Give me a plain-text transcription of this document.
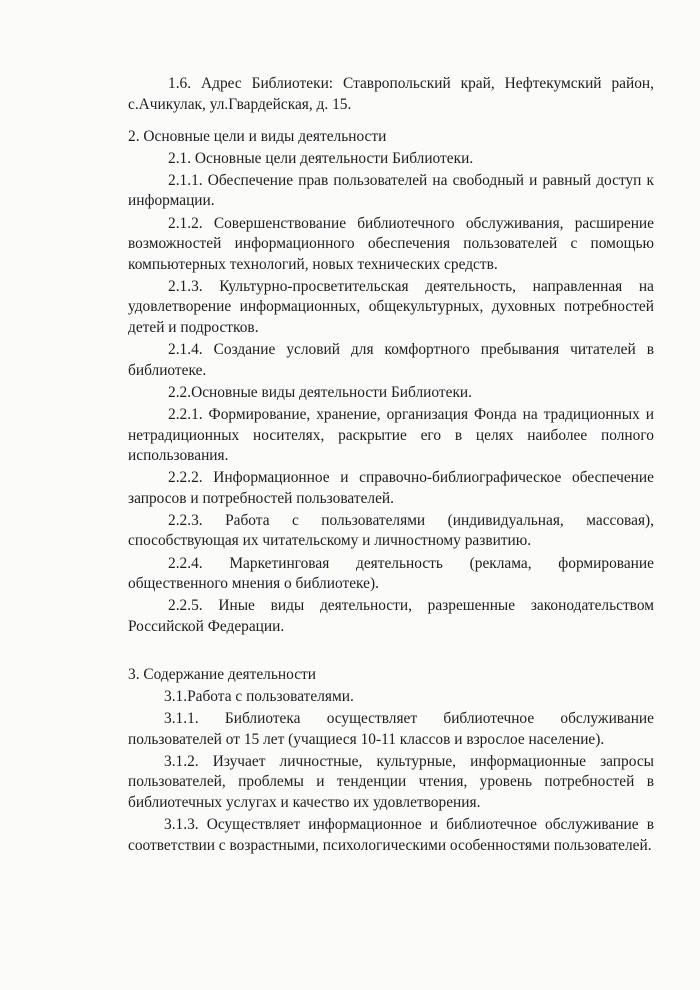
1.6. Адрес Библиотеки: Ставропольский край, Нефтекумский район, с.Ачикулак, ул.Гвардейская, д. 15.

2. Основные цели и виды деятельности

2.1. Основные цели деятельности Библиотеки.

2.1.1. Обеспечение прав пользователей на свободный и равный доступ к информации.

2.1.2. Совершенствование библиотечного обслуживания, расширение возможностей информационного обеспечения пользователей с помощью компьютерных технологий, новых технических средств.

2.1.3. Культурно-просветительская деятельность, направленная на удовлетворение информационных, общекультурных, духовных потребностей детей и подростков.

2.1.4. Создание условий для комфортного пребывания читателей в библиотеке.

2.2.Основные виды деятельности Библиотеки.

2.2.1. Формирование, хранение, организация Фонда на традиционных и нетрадиционных носителях, раскрытие его в целях наиболее полного использования.

2.2.2. Информационное и справочно-библиографическое обеспечение запросов и потребностей пользователей.

2.2.3. Работа с пользователями (индивидуальная, массовая), способствующая их читательскому и личностному развитию.

2.2.4. Маркетинговая деятельность (реклама, формирование общественного мнения о библиотеке).

2.2.5. Иные виды деятельности, разрешенные законодательством Российской Федерации.

3. Содержание деятельности

3.1.Работа с пользователями.

3.1.1. Библиотека осуществляет библиотечное обслуживание пользователей от 15 лет (учащиеся 10-11 классов и взрослое население).

3.1.2. Изучает личностные, культурные, информационные запросы пользователей, проблемы и тенденции чтения, уровень потребностей в библиотечных услугах и качество их удовлетворения.

3.1.3. Осуществляет информационное и библиотечное обслуживание в соответствии с возрастными, психологическими особенностями пользователей.
